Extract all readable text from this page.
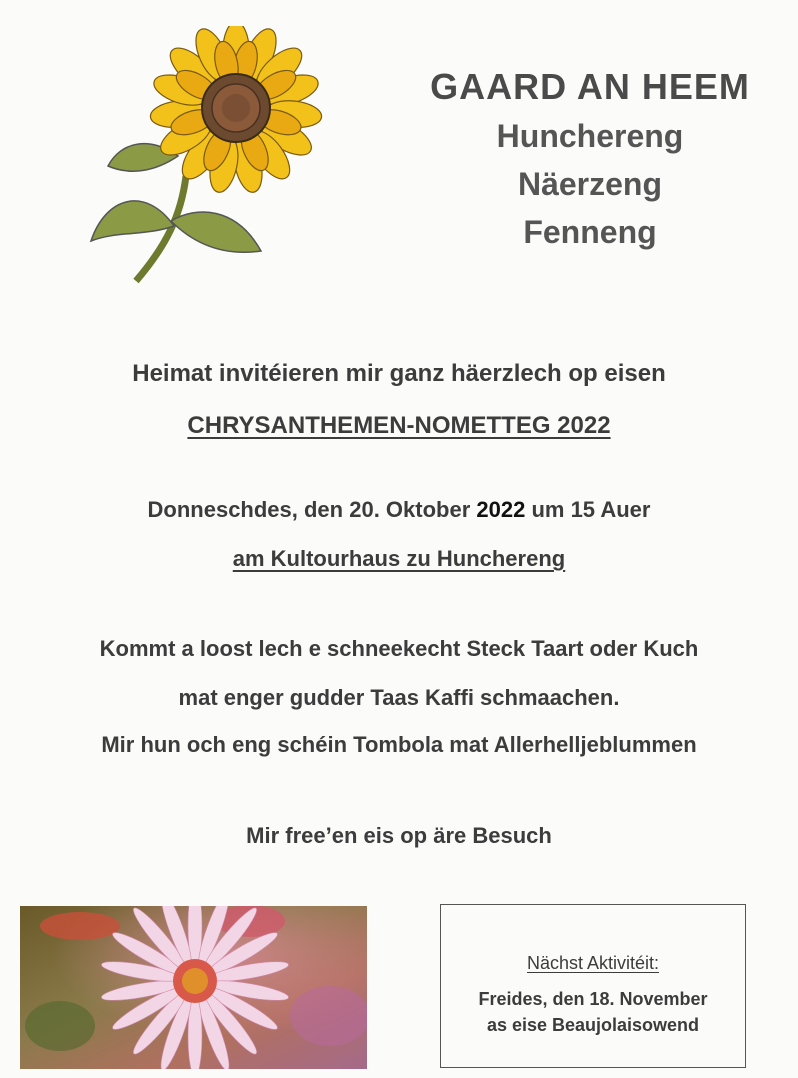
GAARD AN HEEM
Hunchereng
Näerzeng
Fenneng
Heimat invitéieren mir ganz häerzlech op eisen
CHRYSANTHEMEN-NOMETTEG 2022
Donneschdes, den 20. Oktober 2022 um 15 Auer
am Kultourhaus zu Hunchereng
Kommt a loost lech e schneekecht Steck Taart oder Kuch
mat enger gudder Taas Kaffi schmaachen.
Mir hun och eng schéin Tombola mat Allerhelljeblummen
Mir free’en eis op äre Besuch
Nächst Aktivitéit:
Freides, den 18. November
as eise Beaujolaisowend
